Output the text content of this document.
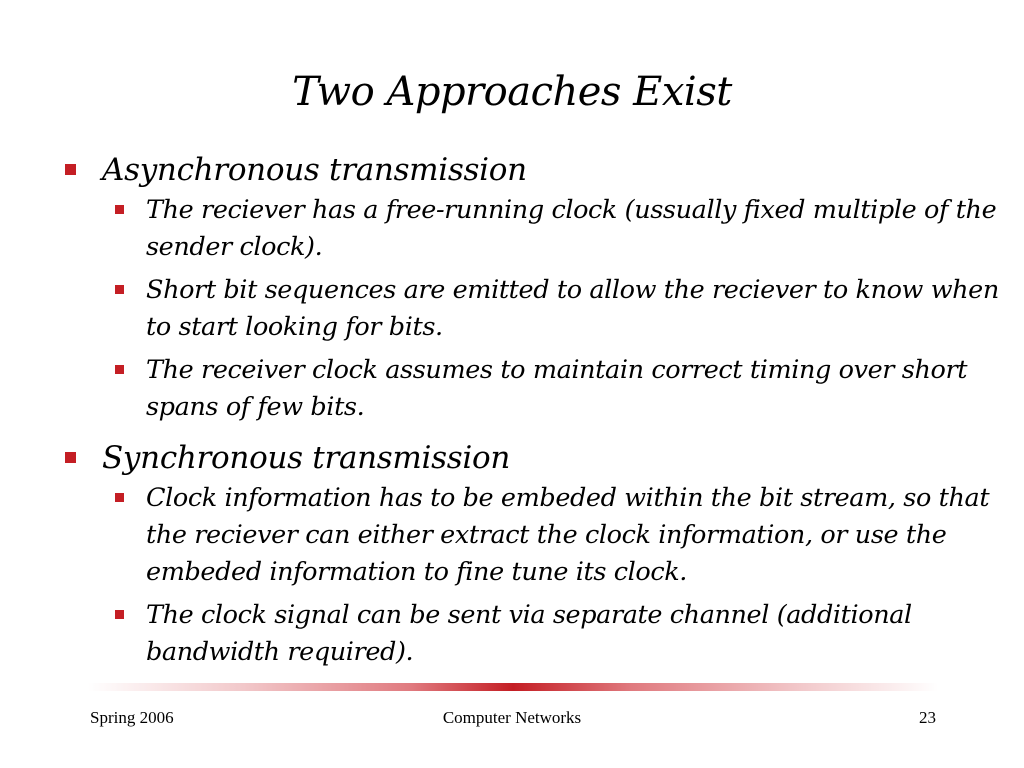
Two Approaches Exist
Asynchronous transmission
The reciever has a free-running clock (ussually fixed multiple of the sender clock).
Short bit sequences are emitted to allow the reciever to know when to start looking for bits.
The receiver clock assumes to maintain correct timing over short spans of few bits.
Synchronous transmission
Clock information has to be embeded within the bit stream, so that the reciever can either extract the clock information, or use the embeded information to fine tune its clock.
The clock signal can be sent via separate channel (additional bandwidth required).
Spring 2006	Computer Networks	23
